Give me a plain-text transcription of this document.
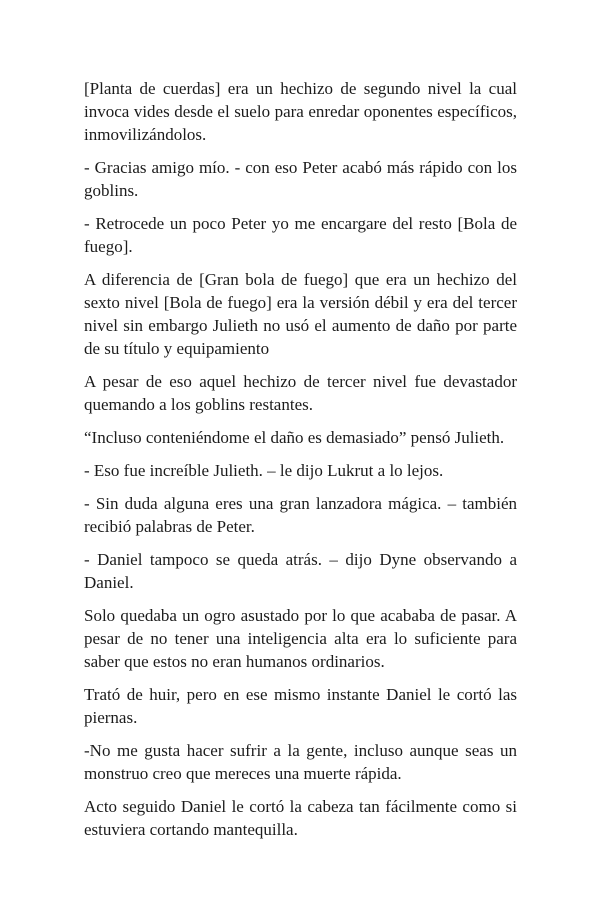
[Planta de cuerdas] era un hechizo de segundo nivel la cual invoca vides desde el suelo para enredar oponentes específicos, inmovilizándolos.

- Gracias amigo mío. - con eso Peter acabó más rápido con los goblins.

- Retrocede un poco Peter yo me encargare del resto [Bola de fuego].

A diferencia de [Gran bola de fuego] que era un hechizo del sexto nivel [Bola de fuego] era la versión débil y era del tercer nivel sin embargo Julieth no usó el aumento de daño por parte de su título y equipamiento

A pesar de eso aquel hechizo de tercer nivel fue devastador quemando a los goblins restantes.

“Incluso conteniéndome el daño es demasiado” pensó Julieth.

- Eso fue increíble Julieth. – le dijo Lukrut a lo lejos.

- Sin duda alguna eres una gran lanzadora mágica. – también recibió palabras de Peter.

- Daniel tampoco se queda atrás. – dijo Dyne observando a Daniel.

Solo quedaba un ogro asustado por lo que acababa de pasar. A pesar de no tener una inteligencia alta era lo suficiente para saber que estos no eran humanos ordinarios.

Trató de huir, pero en ese mismo instante Daniel le cortó las piernas.

-No me gusta hacer sufrir a la gente, incluso aunque seas un monstruo creo que mereces una muerte rápida.

Acto seguido Daniel le cortó la cabeza tan fácilmente como si estuviera cortando mantequilla.
